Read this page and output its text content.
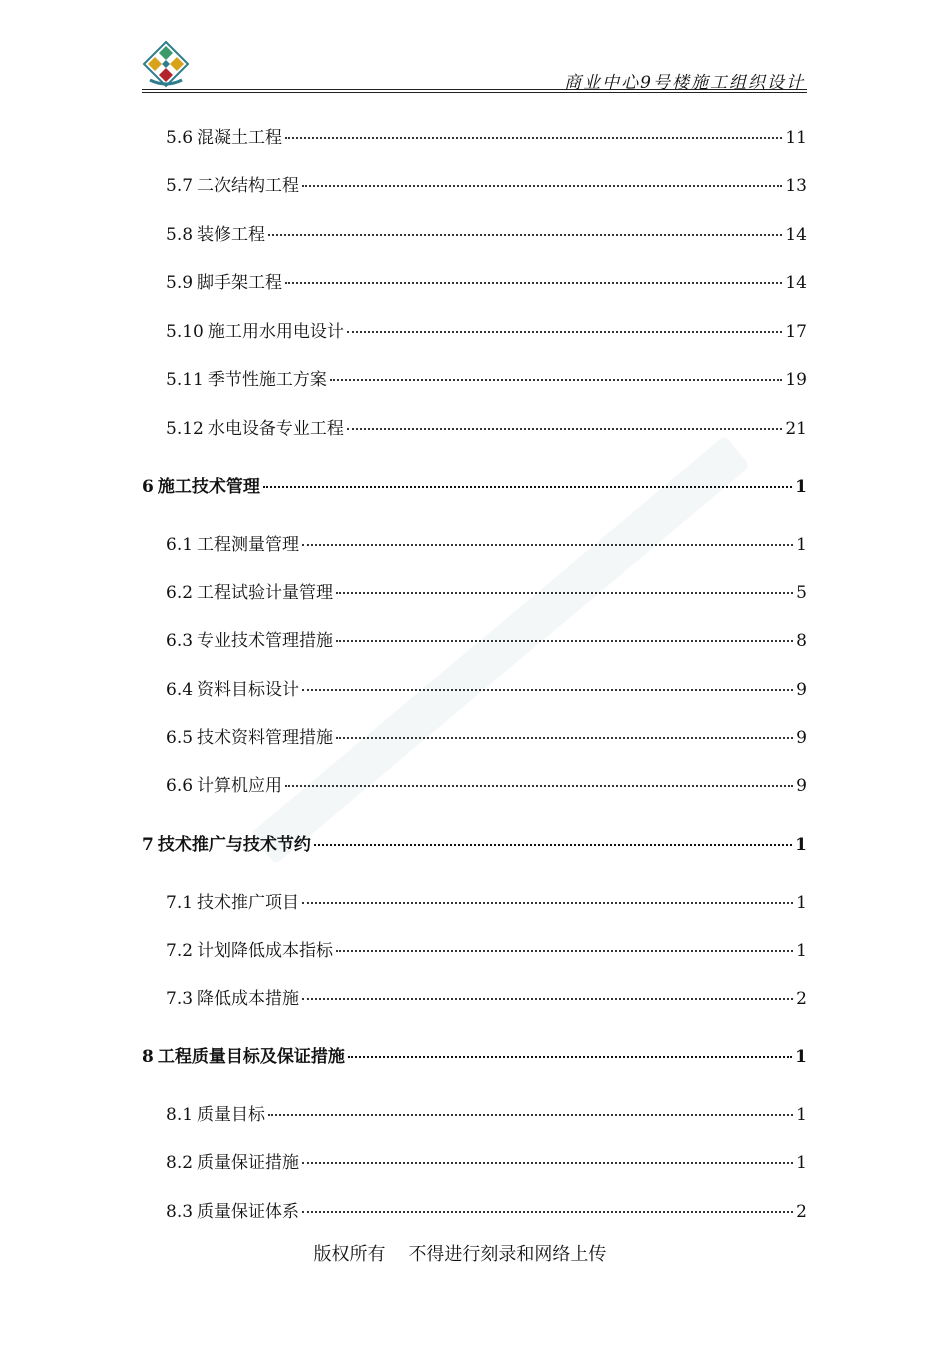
商业中心9号楼施工组织设计
5.6 混凝土工程	11
5.7 二次结构工程	13
5.8 装修工程	14
5.9 脚手架工程	14
5.10 施工用水用电设计	17
5.11 季节性施工方案	19
5.12 水电设备专业工程	21
6 施工技术管理	1
6.1 工程测量管理	1
6.2 工程试验计量管理	5
6.3 专业技术管理措施	8
6.4 资料目标设计	9
6.5 技术资料管理措施	9
6.6 计算机应用	9
7 技术推广与技术节约	1
7.1 技术推广项目	1
7.2 计划降低成本指标	1
7.3 降低成本措施	2
8 工程质量目标及保证措施	1
8.1 质量目标	1
8.2 质量保证措施	1
8.3 质量保证体系	2
版权所有 不得进行刻录和网络上传
